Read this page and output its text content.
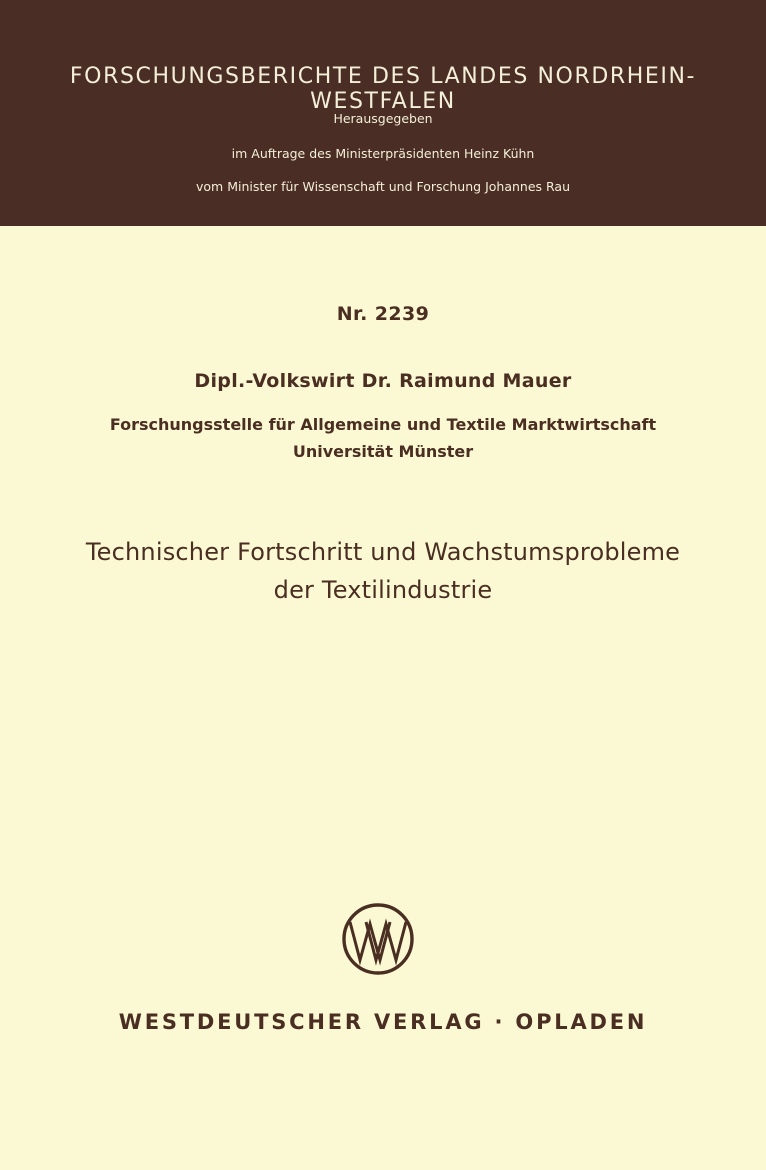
FORSCHUNGSBERICHTE DES LANDES NORDRHEIN-WESTFALEN
Herausgegeben
im Auftrage des Ministerpräsidenten Heinz Kühn
vom Minister für Wissenschaft und Forschung Johannes Rau
Nr. 2239
Dipl.-Volkswirt Dr. Raimund Mauer
Forschungsstelle für Allgemeine und Textile Marktwirtschaft
Universität Münster
Technischer Fortschritt und Wachstumsprobleme
der Textilindustrie
WESTDEUTSCHER VERLAG · OPLADEN
